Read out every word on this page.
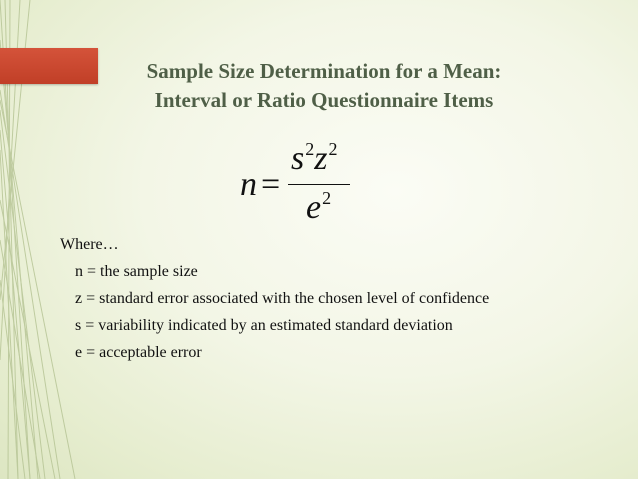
Sample Size Determination for a Mean:
Interval or Ratio Questionnaire Items
n =
$s^2z^2$
$e^2$
Where…
n = the sample size
z = standard error associated with the chosen level of confidence
s = variability indicated by an estimated standard deviation
e = acceptable error
